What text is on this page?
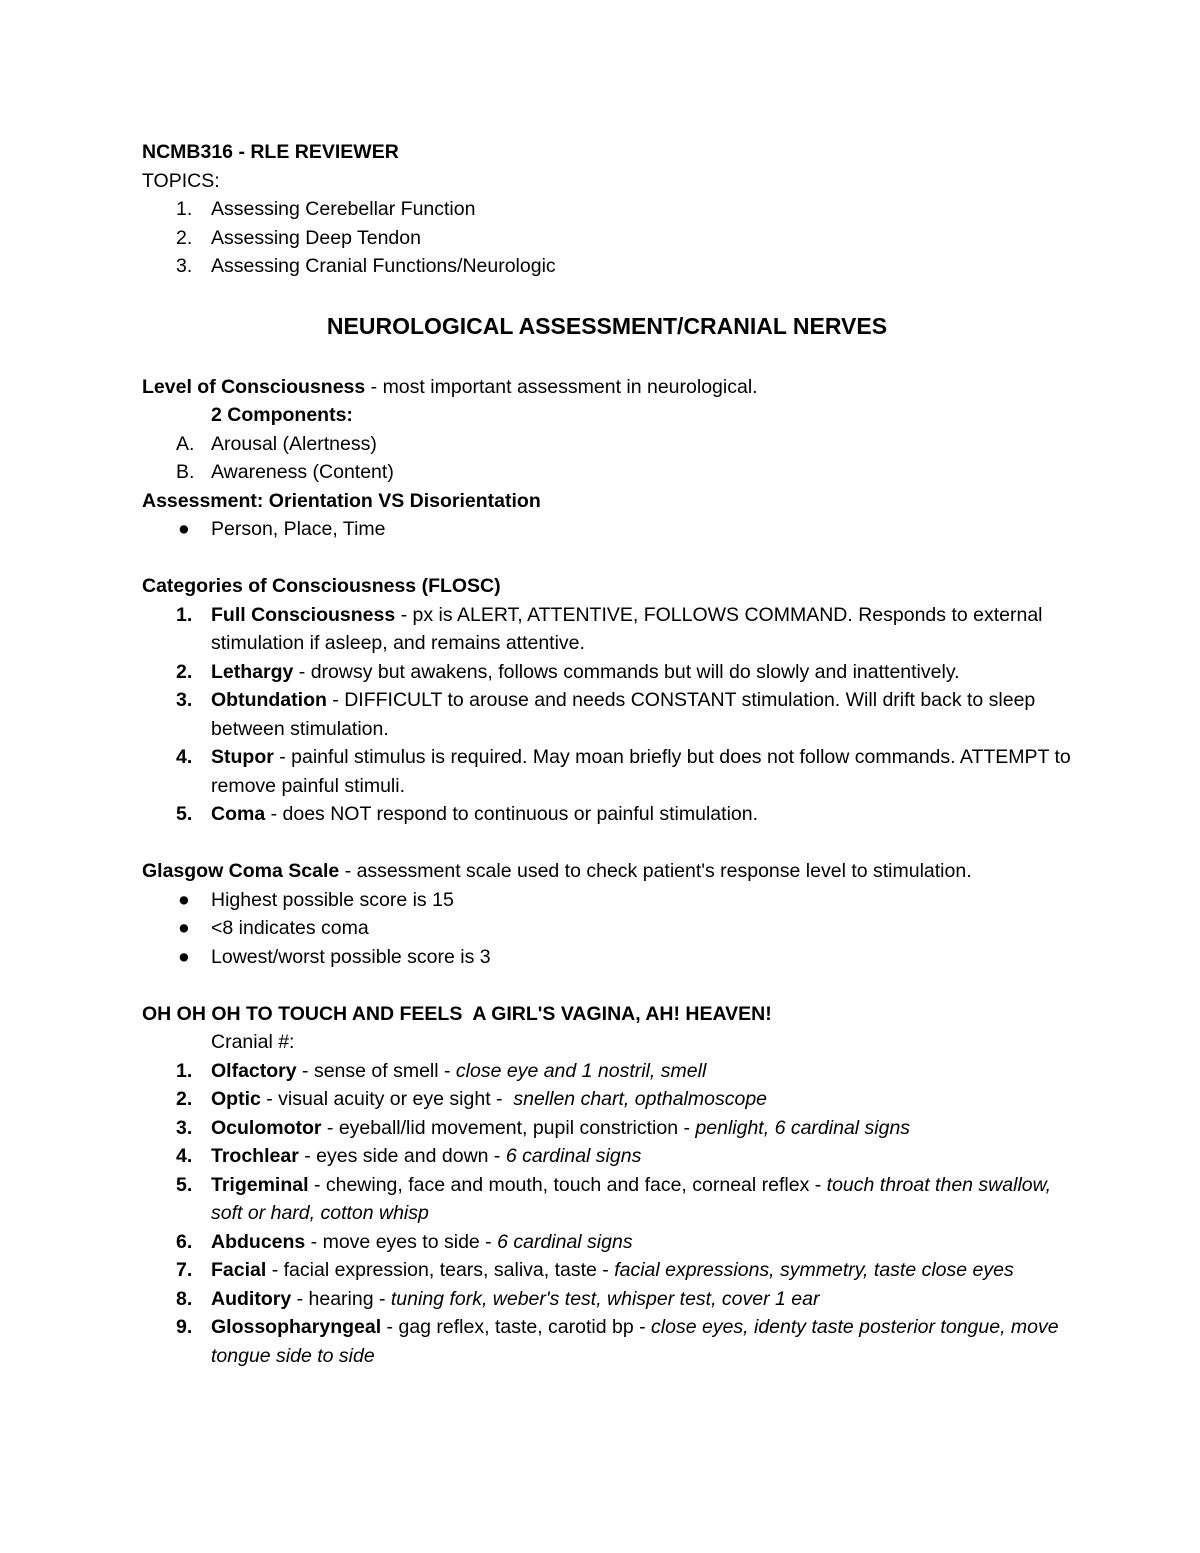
NCMB316 - RLE REVIEWER

TOPICS:

1. Assessing Cerebellar Function
2. Assessing Deep Tendon
3. Assessing Cranial Functions/Neurologic

NEUROLOGICAL ASSESSMENT/CRANIAL NERVES

Level of Consciousness - most important assessment in neurological.

2 Components:

A. Arousal (Alertness)
B. Awareness (Content)

Assessment: Orientation VS Disorientation

● Person, Place, Time

Categories of Consciousness (FLOSC)

1. Full Consciousness - px is ALERT, ATTENTIVE, FOLLOWS COMMAND. Responds to external stimulation if asleep, and remains attentive.
2. Lethargy - drowsy but awakens, follows commands but will do slowly and inattentively.
3. Obtundation - DIFFICULT to arouse and needs CONSTANT stimulation. Will drift back to sleep between stimulation.
4. Stupor - painful stimulus is required. May moan briefly but does not follow commands. ATTEMPT to remove painful stimuli.
5. Coma - does NOT respond to continuous or painful stimulation.

Glasgow Coma Scale - assessment scale used to check patient's response level to stimulation.

● Highest possible score is 15
● <8 indicates coma
● Lowest/worst possible score is 3

OH OH OH TO TOUCH AND FEELS  A GIRL'S VAGINA, AH! HEAVEN!

Cranial #:

1. Olfactory - sense of smell - close eye and 1 nostril, smell
2. Optic - visual acuity or eye sight -  snellen chart, opthalmoscope
3. Oculomotor - eyeball/lid movement, pupil constriction - penlight, 6 cardinal signs
4. Trochlear - eyes side and down - 6 cardinal signs
5. Trigeminal - chewing, face and mouth, touch and face, corneal reflex - touch throat then swallow, soft or hard, cotton whisp
6. Abducens - move eyes to side - 6 cardinal signs
7. Facial - facial expression, tears, saliva, taste - facial expressions, symmetry, taste close eyes
8. Auditory - hearing - tuning fork, weber's test, whisper test, cover 1 ear
9. Glossopharyngeal - gag reflex, taste, carotid bp - close eyes, identy taste posterior tongue, move tongue side to side
